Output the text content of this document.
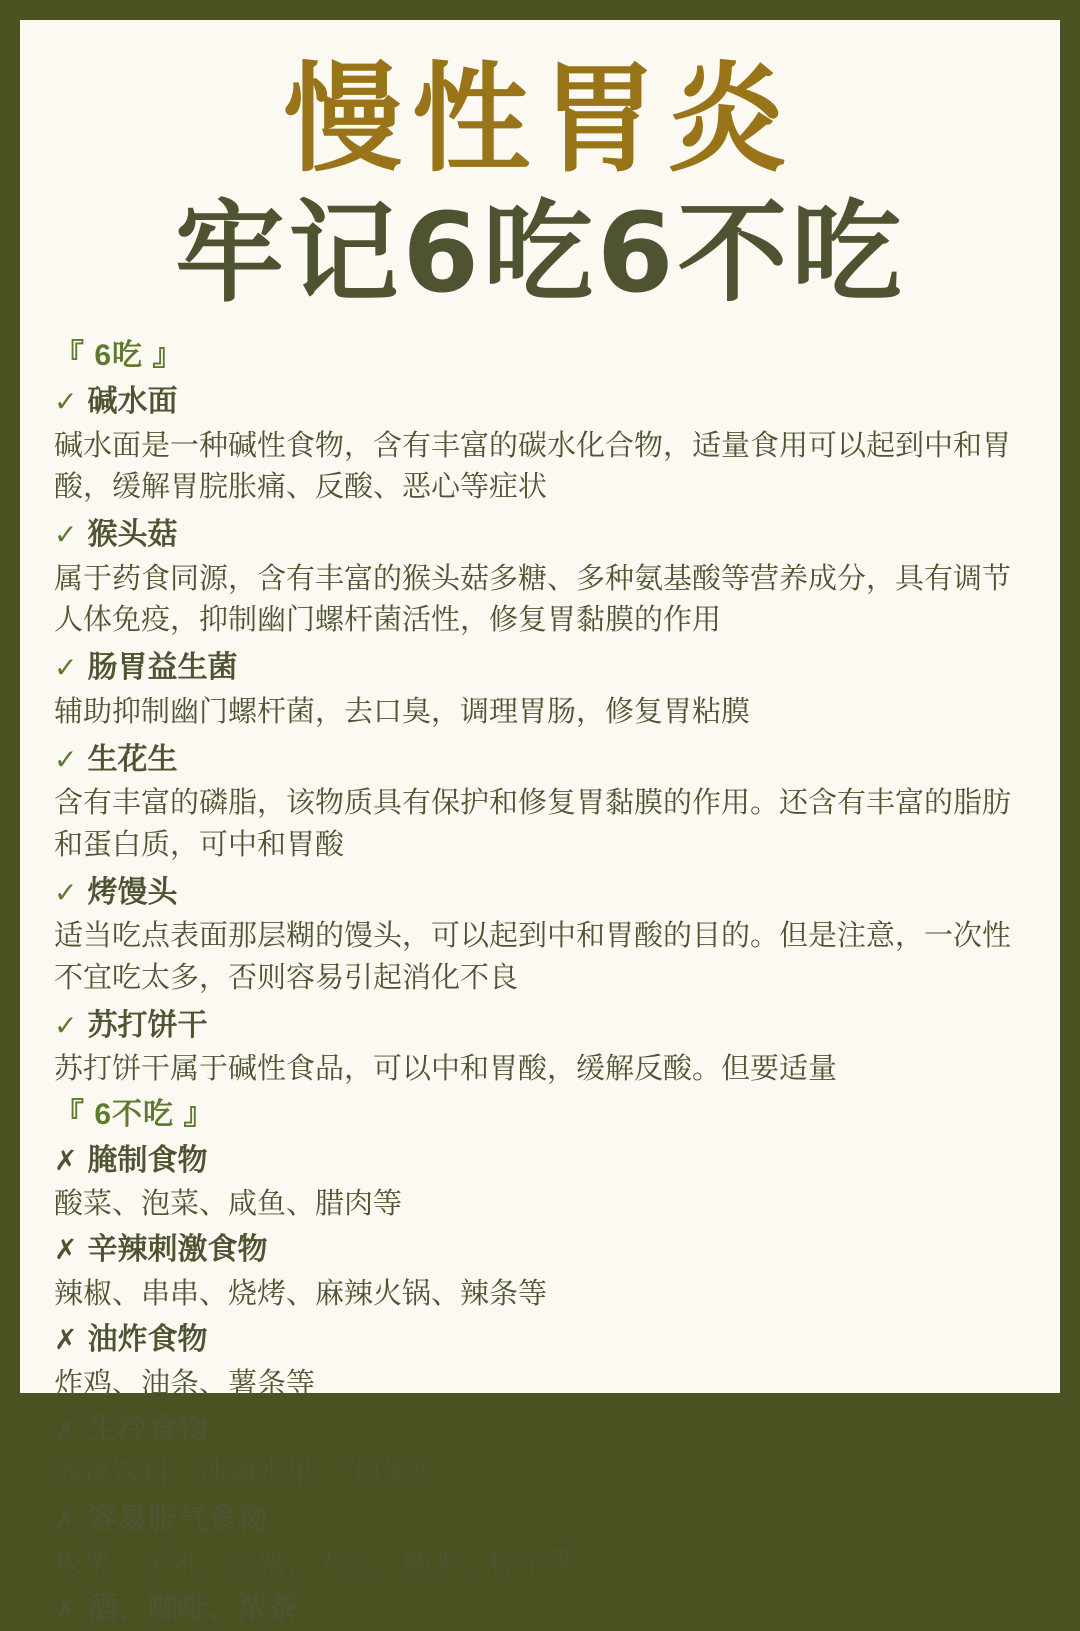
慢性胃炎
牢记6吃6不吃
『 6吃 』
✓ 碱水面
碱水面是一种碱性食物，含有丰富的碳水化合物，适量食用可以起到中和胃酸，缓解胃脘胀痛、反酸、恶心等症状
✓ 猴头菇
属于药食同源，含有丰富的猴头菇多糖、多种氨基酸等营养成分，具有调节人体免疫，抑制幽门螺杆菌活性，修复胃黏膜的作用
✓ 肠胃益生菌
辅助抑制幽门螺杆菌，去口臭，调理胃肠，修复胃粘膜
✓ 生花生
含有丰富的磷脂，该物质具有保护和修复胃黏膜的作用。还含有丰富的脂肪和蛋白质，可中和胃酸
✓ 烤馒头
适当吃点表面那层糊的馒头，可以起到中和胃酸的目的。但是注意，一次性不宜吃太多，否则容易引起消化不良
✓ 苏打饼干
苏打饼干属于碱性食品，可以中和胃酸，缓解反酸。但要适量
『 6不吃 』
✗ 腌制食物
酸菜、泡菜、咸鱼、腊肉等
✗ 辛辣刺激食物
辣椒、串串、烧烤、麻辣火锅、辣条等
✗ 油炸食物
炸鸡、油条、薯条等
✗ 生冷食物
冰镇饮料、冰镇水果、生肉等
✗ 容易胀气食物
板栗、玉米、豆腐、大豆、糯米、粽子等
✗ 酒、咖啡、浓茶
